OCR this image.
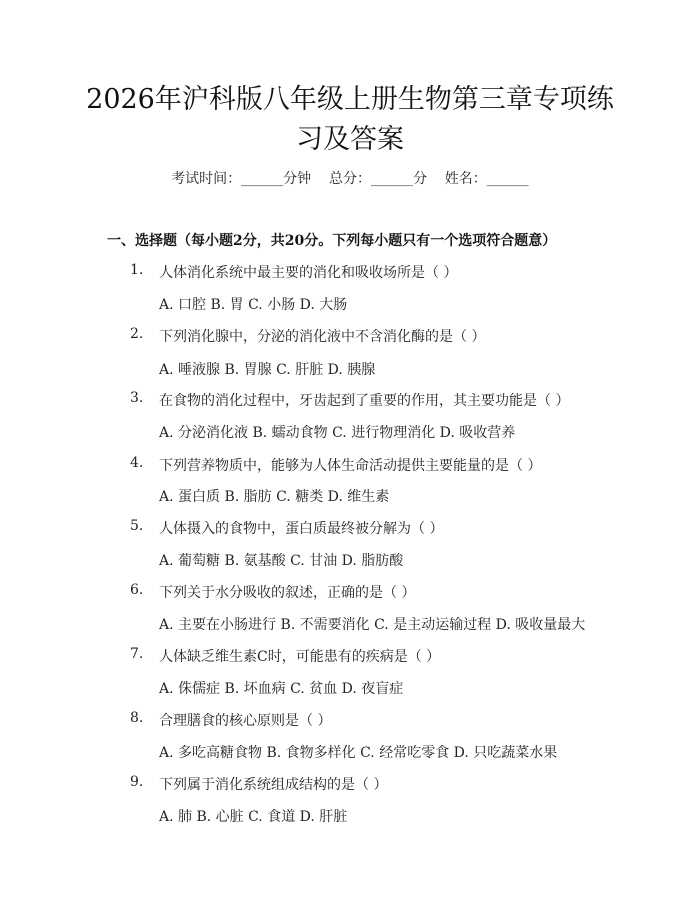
2026年沪科版八年级上册生物第三章专项练
习及答案
考试时间：______分钟    总分：______分    姓名：______
一、选择题（每小题2分，共20分。下列每小题只有一个选项符合题意）
1. 人体消化系统中最主要的消化和吸收场所是（ ）
A. 口腔 B. 胃 C. 小肠 D. 大肠
2. 下列消化腺中，分泌的消化液中不含消化酶的是（ ）
A. 唾液腺 B. 胃腺 C. 肝脏 D. 胰腺
3. 在食物的消化过程中，牙齿起到了重要的作用，其主要功能是（ ）
A. 分泌消化液 B. 蠕动食物 C. 进行物理消化 D. 吸收营养
4. 下列营养物质中，能够为人体生命活动提供主要能量的是（ ）
A. 蛋白质 B. 脂肪 C. 糖类 D. 维生素
5. 人体摄入的食物中，蛋白质最终被分解为（ ）
A. 葡萄糖 B. 氨基酸 C. 甘油 D. 脂肪酸
6. 下列关于水分吸收的叙述，正确的是（ ）
A. 主要在小肠进行 B. 不需要消化 C. 是主动运输过程 D. 吸收量最大
7. 人体缺乏维生素C时，可能患有的疾病是（ ）
A. 侏儒症 B. 坏血病 C. 贫血 D. 夜盲症
8. 合理膳食的核心原则是（ ）
A. 多吃高糖食物 B. 食物多样化 C. 经常吃零食 D. 只吃蔬菜水果
9. 下列属于消化系统组成结构的是（ ）
A. 肺 B. 心脏 C. 食道 D. 肝脏
